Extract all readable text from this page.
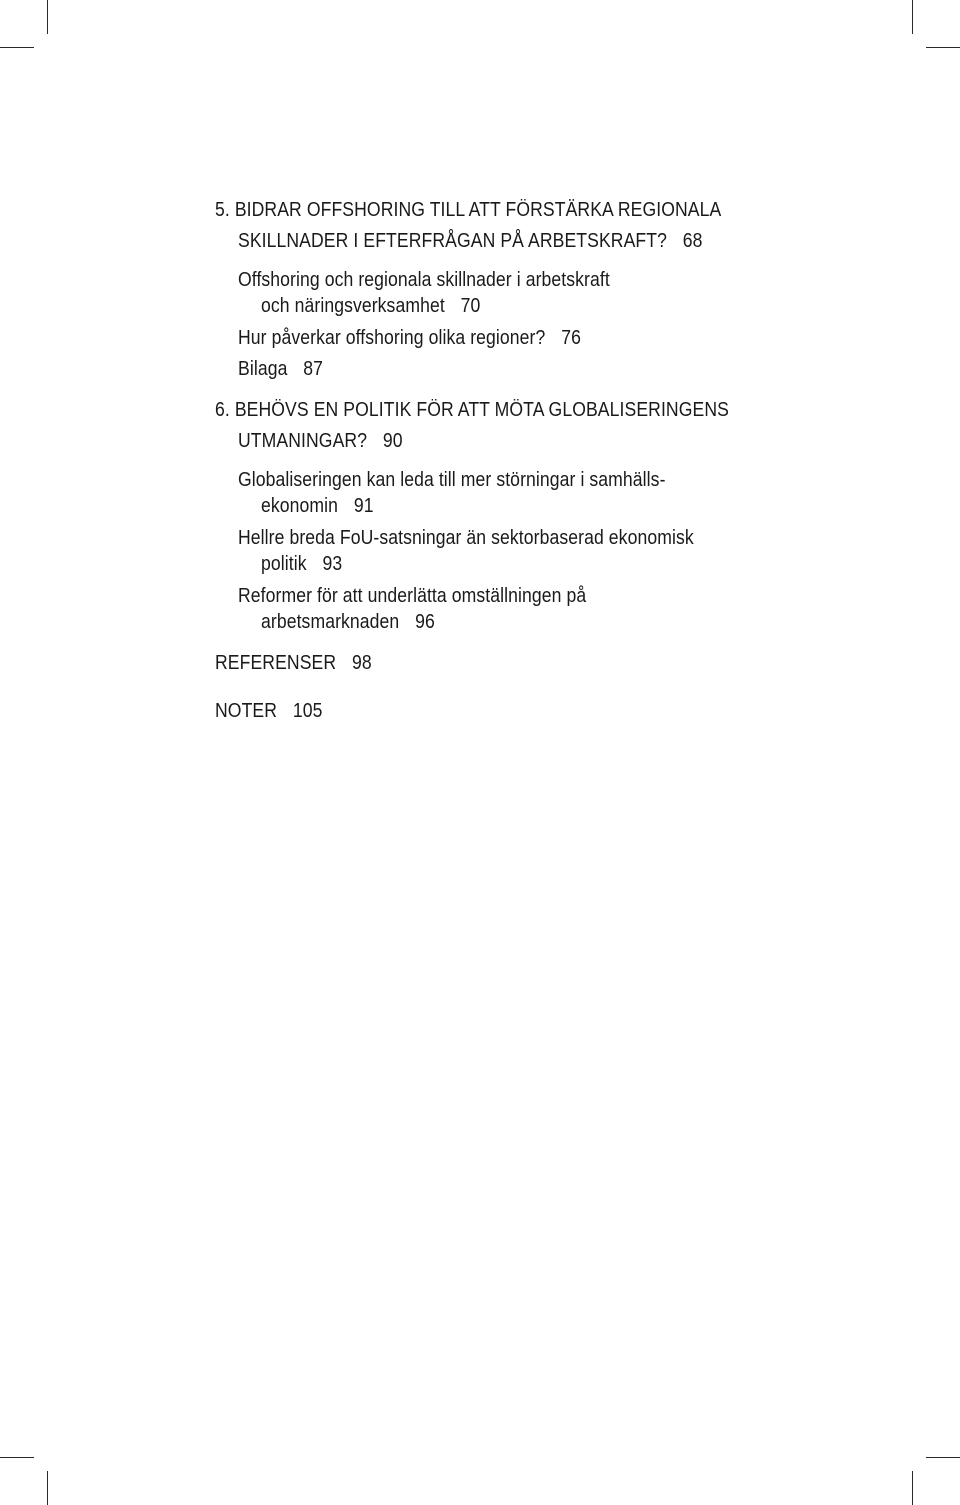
5. BIDRAR OFFSHORING TILL ATT FÖRSTÄRKA REGIONALA
SKILLNADER I EFTERFRÅGAN PÅ ARBETSKRAFT? 68
Offshoring och regionala skillnader i arbetskraft
och näringsverksamhet 70
Hur påverkar offshoring olika regioner? 76
Bilaga 87
6. BEHÖVS EN POLITIK FÖR ATT MÖTA GLOBALISERINGENS
UTMANINGAR? 90
Globaliseringen kan leda till mer störningar i samhälls-
ekonomin 91
Hellre breda FoU-satsningar än sektorbaserad ekonomisk
politik 93
Reformer för att underlätta omställningen på
arbetsmarknaden 96
REFERENSER 98
NOTER 105
